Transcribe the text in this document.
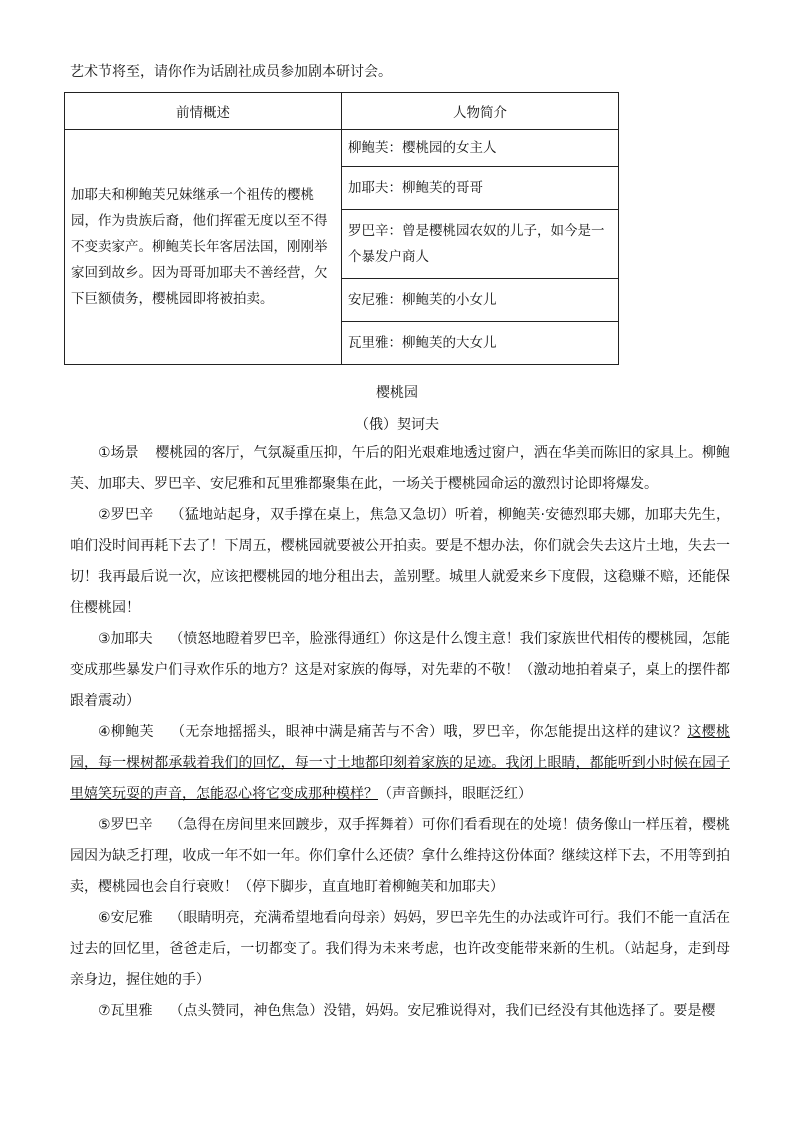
艺术节将至，请你作为话剧社成员参加剧本研讨会。
前情概述	人物简介
加耶夫和柳鲍芙兄妹继承一个祖传的樱桃园，作为贵族后裔，他们挥霍无度以至不得不变卖家产。柳鲍芙长年客居法国，刚刚举家回到故乡。因为哥哥加耶夫不善经营，欠下巨额债务，樱桃园即将被拍卖。	柳鲍芙：樱桃园的女主人
	加耶夫：柳鲍芙的哥哥
	罗巴辛：曾是樱桃园农奴的儿子，如今是一个暴发户商人
	安尼雅：柳鲍芙的小女儿
	瓦里雅：柳鲍芙的大女儿
樱桃园
（俄）契诃夫

①场景 樱桃园的客厅，气氛凝重压抑，午后的阳光艰难地透过窗户，洒在华美而陈旧的家具上。柳鲍芙、加耶夫、罗巴辛、安尼雅和瓦里雅都聚集在此，一场关于樱桃园命运的激烈讨论即将爆发。

②罗巴辛 （猛地站起身，双手撑在桌上，焦急又急切）听着，柳鲍芙·安德烈耶夫娜，加耶夫先生，咱们没时间再耗下去了！下周五，樱桃园就要被公开拍卖。要是不想办法，你们就会失去这片土地，失去一切！我再最后说一次，应该把樱桃园的地分租出去，盖别墅。城里人就爱来乡下度假，这稳赚不赔，还能保住樱桃园！

③加耶夫 （愤怒地瞪着罗巴辛，脸涨得通红）你这是什么馊主意！我们家族世代相传的樱桃园，怎能变成那些暴发户们寻欢作乐的地方？这是对家族的侮辱，对先辈的不敬！（激动地拍着桌子，桌上的摆件都跟着震动）

④柳鲍芙 （无奈地摇摇头，眼神中满是痛苦与不舍）哦，罗巴辛，你怎能提出这样的建议？这樱桃园，每一棵树都承载着我们的回忆，每一寸土地都印刻着家族的足迹。我闭上眼睛，都能听到小时候在园子里嬉笑玩耍的声音，怎能忍心将它变成那种模样？（声音颤抖，眼眶泛红）

⑤罗巴辛 （急得在房间里来回踱步，双手挥舞着）可你们看看现在的处境！债务像山一样压着，樱桃园因为缺乏打理，收成一年不如一年。你们拿什么还债？拿什么维持这份体面？继续这样下去，不用等到拍卖，樱桃园也会自行衰败！（停下脚步，直直地盯着柳鲍芙和加耶夫）

⑥安尼雅 （眼睛明亮，充满希望地看向母亲）妈妈，罗巴辛先生的办法或许可行。我们不能一直活在过去的回忆里，爸爸走后，一切都变了。我们得为未来考虑，也许改变能带来新的生机。（站起身，走到母亲身边，握住她的手）

⑦瓦里雅 （点头赞同，神色焦急）没错，妈妈。安尼雅说得对，我们已经没有其他选择了。要是樱
